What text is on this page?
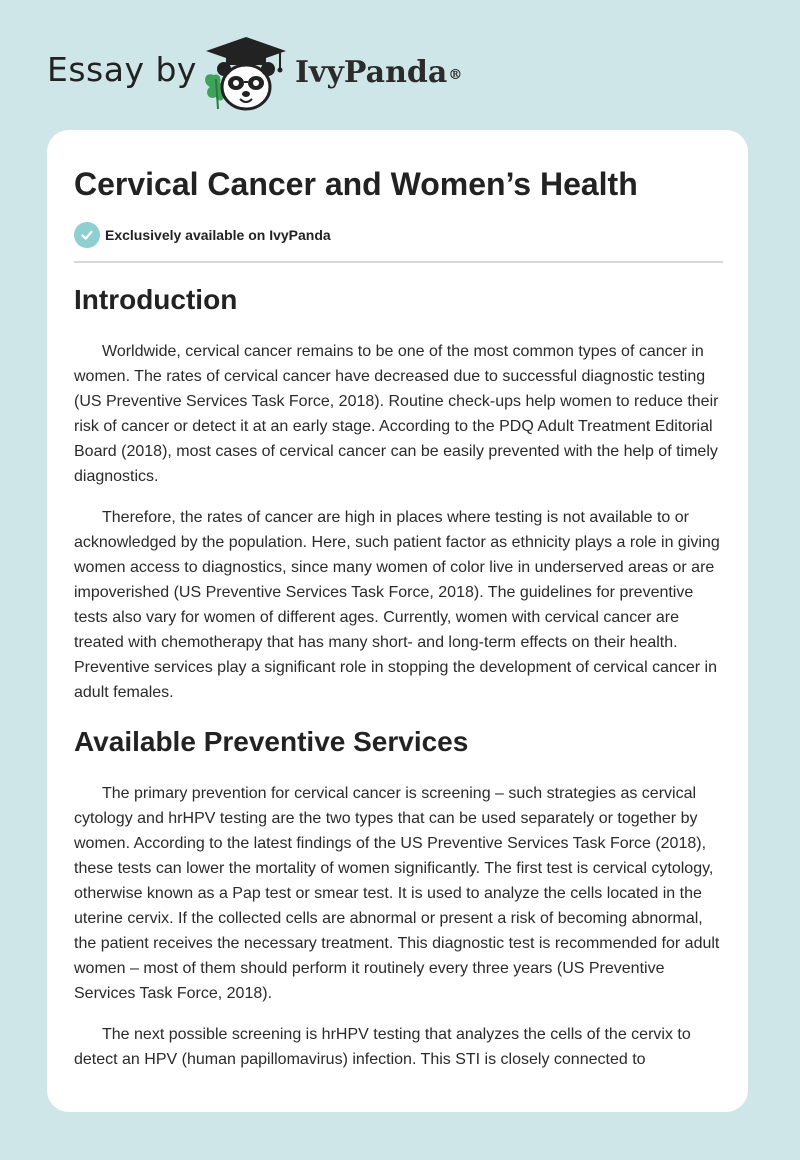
Essay by	IvyPanda®
Cervical Cancer and Women’s Health
Exclusively available on IvyPanda
Introduction

Worldwide, cervical cancer remains to be one of the most common types of cancer in women. The rates of cervical cancer have decreased due to successful diagnostic testing (US Preventive Services Task Force, 2018). Routine check-ups help women to reduce their risk of cancer or detect it at an early stage. According to the PDQ Adult Treatment Editorial Board (2018), most cases of cervical cancer can be easily prevented with the help of timely diagnostics.

Therefore, the rates of cancer are high in places where testing is not available to or acknowledged by the population. Here, such patient factor as ethnicity plays a role in giving women access to diagnostics, since many women of color live in underserved areas or are impoverished (US Preventive Services Task Force, 2018). The guidelines for preventive tests also vary for women of different ages. Currently, women with cervical cancer are treated with chemotherapy that has many short- and long-term effects on their health. Preventive services play a significant role in stopping the development of cervical cancer in adult females.

Available Preventive Services

The primary prevention for cervical cancer is screening – such strategies as cervical cytology and hrHPV testing are the two types that can be used separately or together by women. According to the latest findings of the US Preventive Services Task Force (2018), these tests can lower the mortality of women significantly. The first test is cervical cytology, otherwise known as a Pap test or smear test. It is used to analyze the cells located in the uterine cervix. If the collected cells are abnormal or present a risk of becoming abnormal, the patient receives the necessary treatment. This diagnostic test is recommended for adult women – most of them should perform it routinely every three years (US Preventive Services Task Force, 2018).

The next possible screening is hrHPV testing that analyzes the cells of the cervix to detect an HPV (human papillomavirus) infection. This STI is closely connected to
